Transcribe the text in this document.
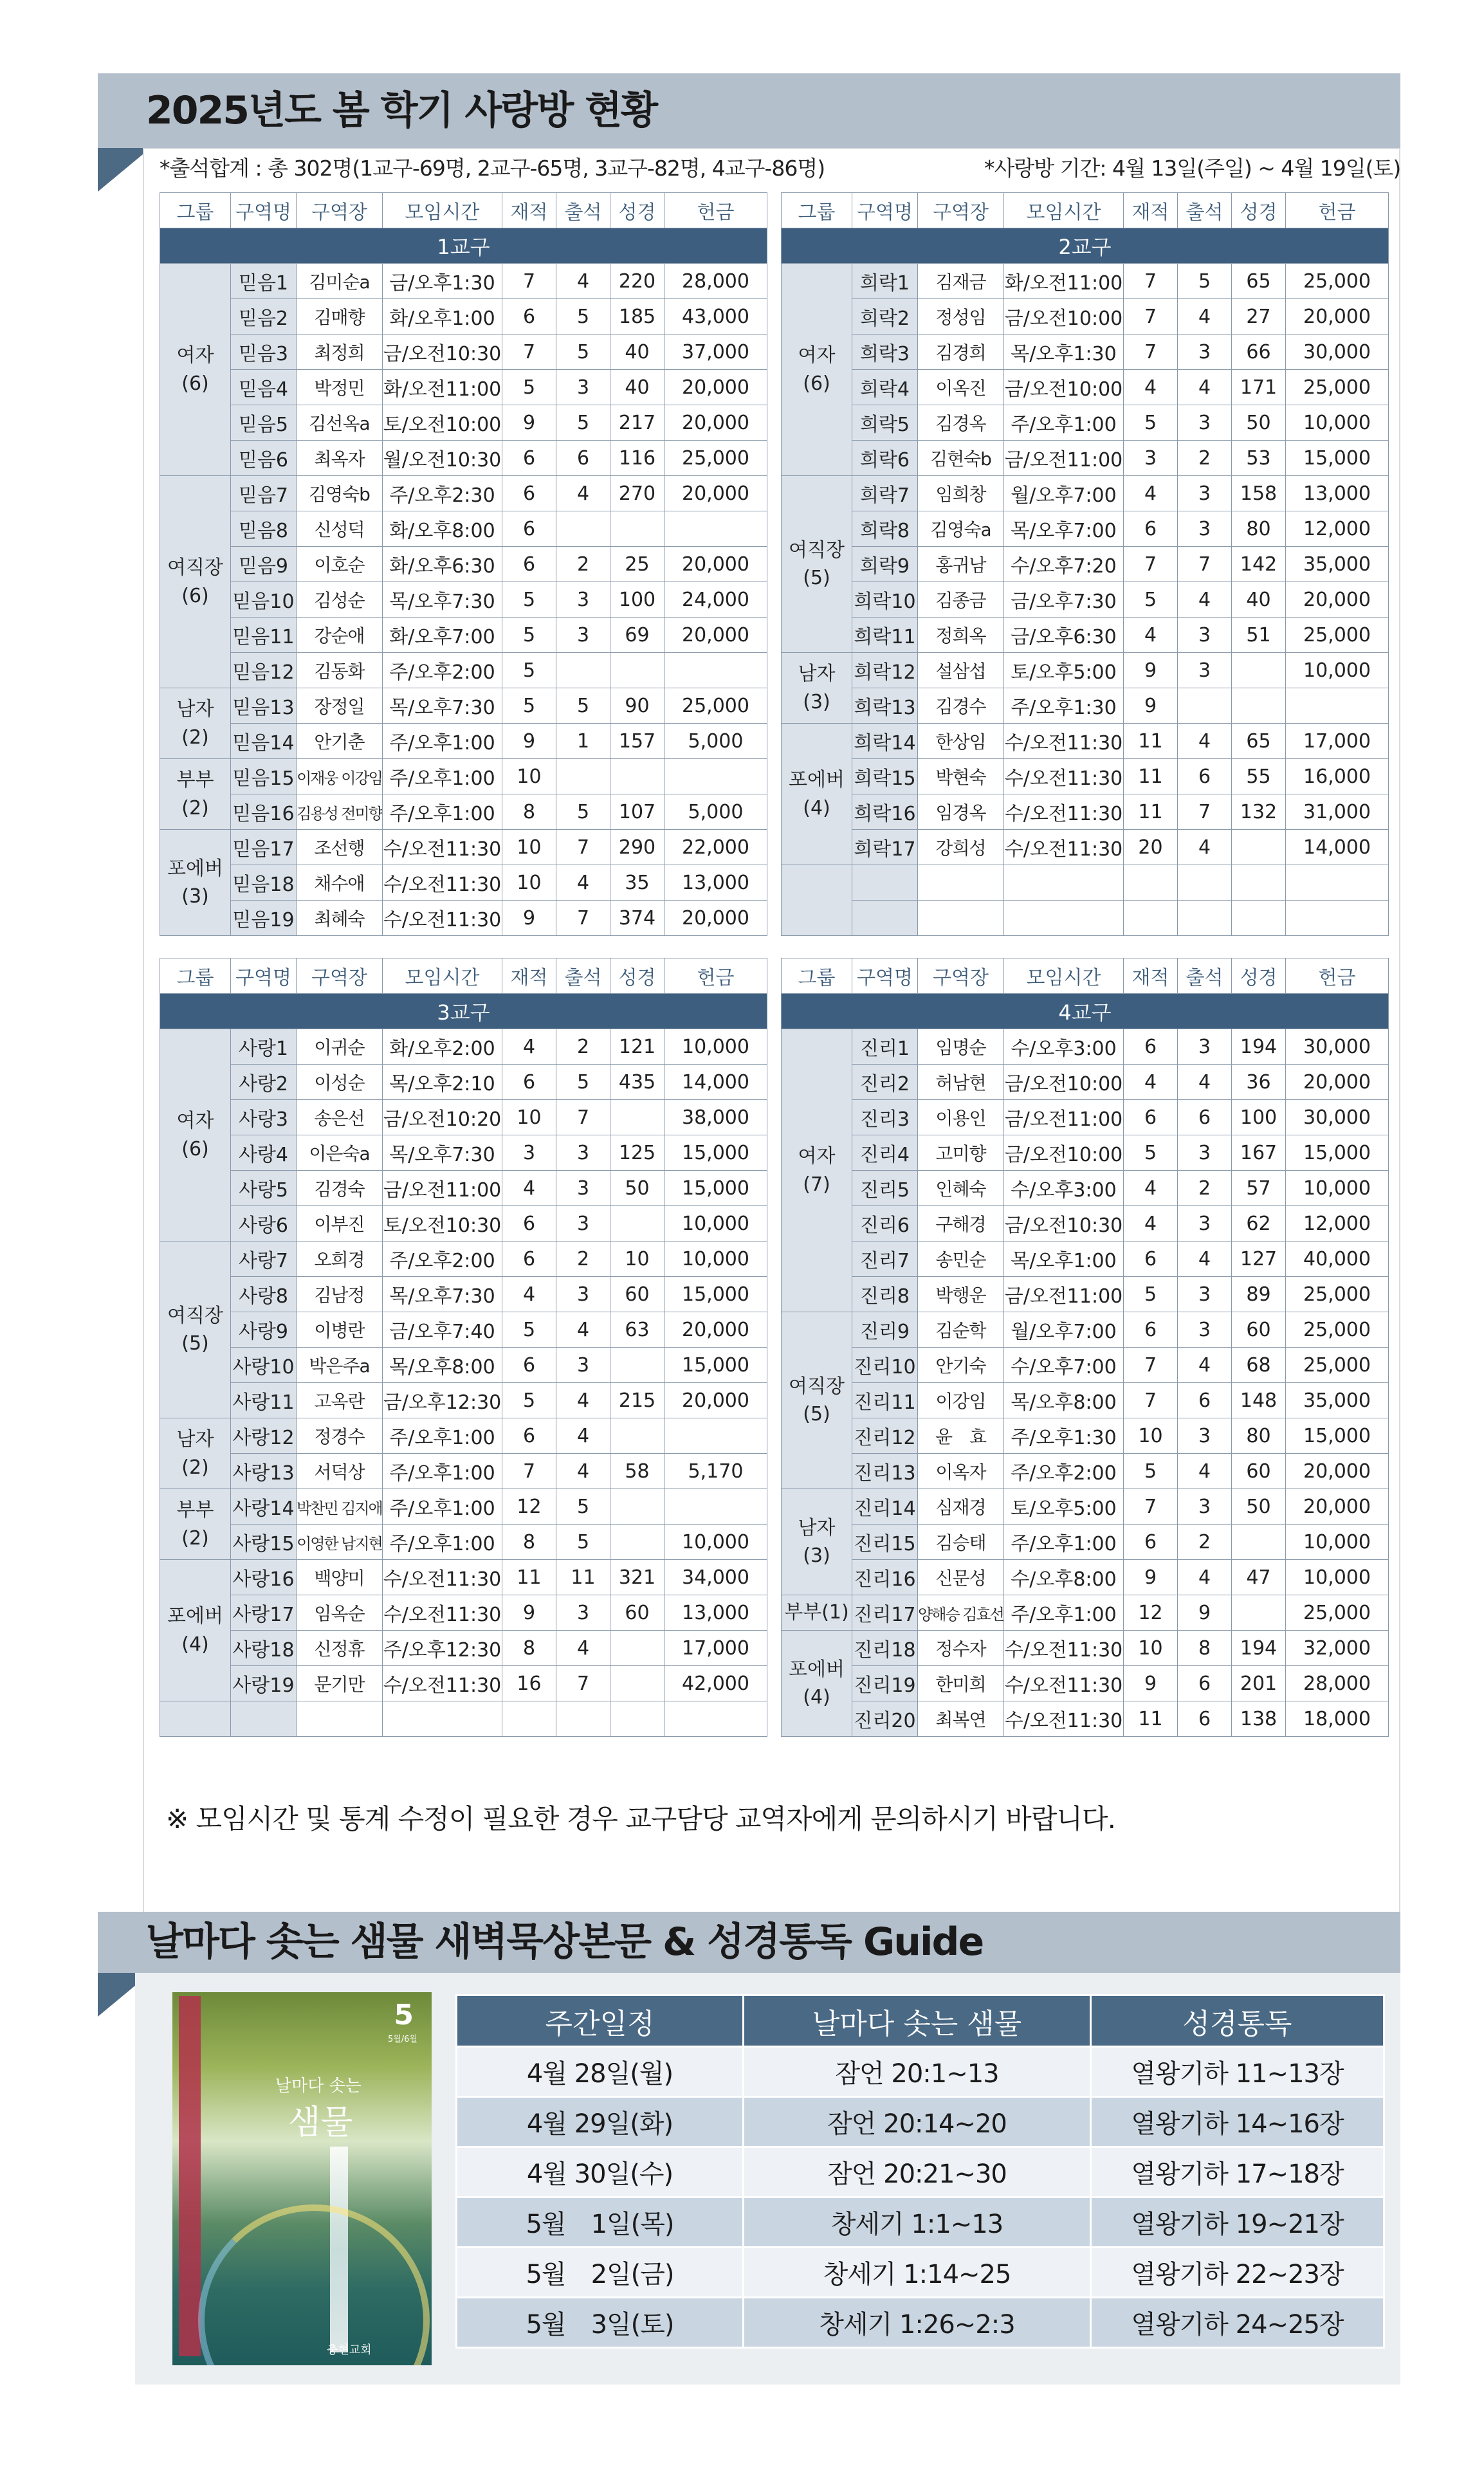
2025년도 봄 학기 사랑방 현황
*출석합계 : 총 302명(1교구-69명, 2교구-65명, 3교구-82명, 4교구-86명)	*사랑방 기간: 4월 13일(주일) ~ 4월 19일(토)
그룹	구역명	구역장	모임시간	재적	출석	성경	헌금
1교구							
여자
(6)	믿음1	김미순a	금/오후1:30	7	4	220	28,000
	믿음2	김매향	화/오후1:00	6	5	185	43,000
	믿음3	최정희	금/오전10:30	7	5	40	37,000
	믿음4	박정민	화/오전11:00	5	3	40	20,000
	믿음5	김선옥a	토/오전10:00	9	5	217	20,000
	믿음6	최옥자	월/오전10:30	6	6	116	25,000
여직장
(6)	믿음7	김영숙b	주/오후2:30	6	4	270	20,000
	믿음8	신성덕	화/오후8:00	6			
	믿음9	이호순	화/오후6:30	6	2	25	20,000
	믿음10	김성순	목/오후7:30	5	3	100	24,000
	믿음11	강순애	화/오후7:00	5	3	69	20,000
	믿음12	김동화	주/오후2:00	5			
남자
(2)	믿음13	장정일	목/오후7:30	5	5	90	25,000
	믿음14	안기춘	주/오후1:00	9	1	157	5,000
부부
(2)	믿음15	이재웅 이강임	주/오후1:00	10			
	믿음16	김용성 전미향	주/오후1:00	8	5	107	5,000
포에버
(3)	믿음17	조선행	수/오전11:30	10	7	290	22,000
	믿음18	채수애	수/오전11:30	10	4	35	13,000
	믿음19	최혜숙	수/오전11:30	9	7	374	20,000
그룹	구역명	구역장	모임시간	재적	출석	성경	헌금
2교구							
여자
(6)	희락1	김재금	화/오전11:00	7	5	65	25,000
	희락2	정성임	금/오전10:00	7	4	27	20,000
	희락3	김경희	목/오후1:30	7	3	66	30,000
	희락4	이옥진	금/오전10:00	4	4	171	25,000
	희락5	김경옥	주/오후1:00	5	3	50	10,000
	희락6	김현숙b	금/오전11:00	3	2	53	15,000
여직장
(5)	희락7	임희창	월/오후7:00	4	3	158	13,000
	희락8	김영숙a	목/오후7:00	6	3	80	12,000
	희락9	홍귀남	수/오후7:20	7	7	142	35,000
	희락10	김종금	금/오후7:30	5	4	40	20,000
	희락11	정희옥	금/오후6:30	4	3	51	25,000
남자
(3)	희락12	설삼섭	토/오후5:00	9	3		10,000
	희락13	김경수	주/오후1:30	9			
포에버
(4)	희락14	한상임	수/오전11:30	11	4	65	17,000
	희락15	박현숙	수/오전11:30	11	6	55	16,000
	희락16	임경옥	수/오전11:30	11	7	132	31,000
	희락17	강희성	수/오전11:30	20	4		14,000

그룹	구역명	구역장	모임시간	재적	출석	성경	헌금
3교구							
여자
(6)	사랑1	이귀순	화/오후2:00	4	2	121	10,000
	사랑2	이성순	목/오후2:10	6	5	435	14,000
	사랑3	송은선	금/오전10:20	10	7		38,000
	사랑4	이은숙a	목/오후7:30	3	3	125	15,000
	사랑5	김경숙	금/오전11:00	4	3	50	15,000
	사랑6	이부진	토/오전10:30	6	3		10,000
여직장
(5)	사랑7	오희경	주/오후2:00	6	2	10	10,000
	사랑8	김남정	목/오후7:30	4	3	60	15,000
	사랑9	이병란	금/오후7:40	5	4	63	20,000
	사랑10	박은주a	목/오후8:00	6	3		15,000
	사랑11	고옥란	금/오후12:30	5	4	215	20,000
남자
(2)	사랑12	정경수	주/오후1:00	6	4		
	사랑13	서덕상	주/오후1:00	7	4	58	5,170
부부
(2)	사랑14	박찬민 김지애	주/오후1:00	12	5		
	사랑15	이영한 남지현	주/오후1:00	8	5		10,000
포에버
(4)	사랑16	백양미	수/오전11:30	11	11	321	34,000
	사랑17	임옥순	수/오전11:30	9	3	60	13,000
	사랑18	신정휴	주/오후12:30	8	4		17,000
	사랑19	문기만	수/오전11:30	16	7		42,000

그룹	구역명	구역장	모임시간	재적	출석	성경	헌금
4교구							
여자
(7)	진리1	임명순	수/오후3:00	6	3	194	30,000
	진리2	허남현	금/오전10:00	4	4	36	20,000
	진리3	이용인	금/오전11:00	6	6	100	30,000
	진리4	고미향	금/오전10:00	5	3	167	15,000
	진리5	인혜숙	수/오후3:00	4	2	57	10,000
	진리6	구해경	금/오전10:30	4	3	62	12,000
	진리7	송민순	목/오후1:00	6	4	127	40,000
	진리8	박행운	금/오전11:00	5	3	89	25,000
여직장
(5)	진리9	김순학	월/오후7:00	6	3	60	25,000
	진리10	안기숙	수/오후7:00	7	4	68	25,000
	진리11	이강임	목/오후8:00	7	6	148	35,000
	진리12	윤　효	주/오후1:30	10	3	80	15,000
	진리13	이옥자	주/오후2:00	5	4	60	20,000
남자
(3)	진리14	심재경	토/오후5:00	7	3	50	20,000
	진리15	김승태	주/오후1:00	6	2		10,000
	진리16	신문성	수/오후8:00	9	4	47	10,000
부부(1)	진리17	양해승 김효선	주/오후1:00	12	9		25,000
포에버
(4)	진리18	정수자	수/오전11:30	10	8	194	32,000
	진리19	한미희	수/오전11:30	9	6	201	28,000
	진리20	최복연	수/오전11:30	11	6	138	18,000
※ 모임시간 및 통계 수정이 필요한 경우 교구담당 교역자에게 문의하시기 바랍니다.
날마다 솟는 샘물 새벽묵상본문 & 성경통독 Guide
5
5월/6월
날마다 솟는
샘물
충현교회
주간일정	날마다 솟는 샘물	성경통독
4월 28일(월)	잠언 20:1~13	열왕기하 11~13장
4월 29일(화)	잠언 20:14~20	열왕기하 14~16장
4월 30일(수)	잠언 20:21~30	열왕기하 17~18장
5월　1일(목)	창세기 1:1~13	열왕기하 19~21장
5월　2일(금)	창세기 1:14~25	열왕기하 22~23장
5월　3일(토)	창세기 1:26~2:3	열왕기하 24~25장
